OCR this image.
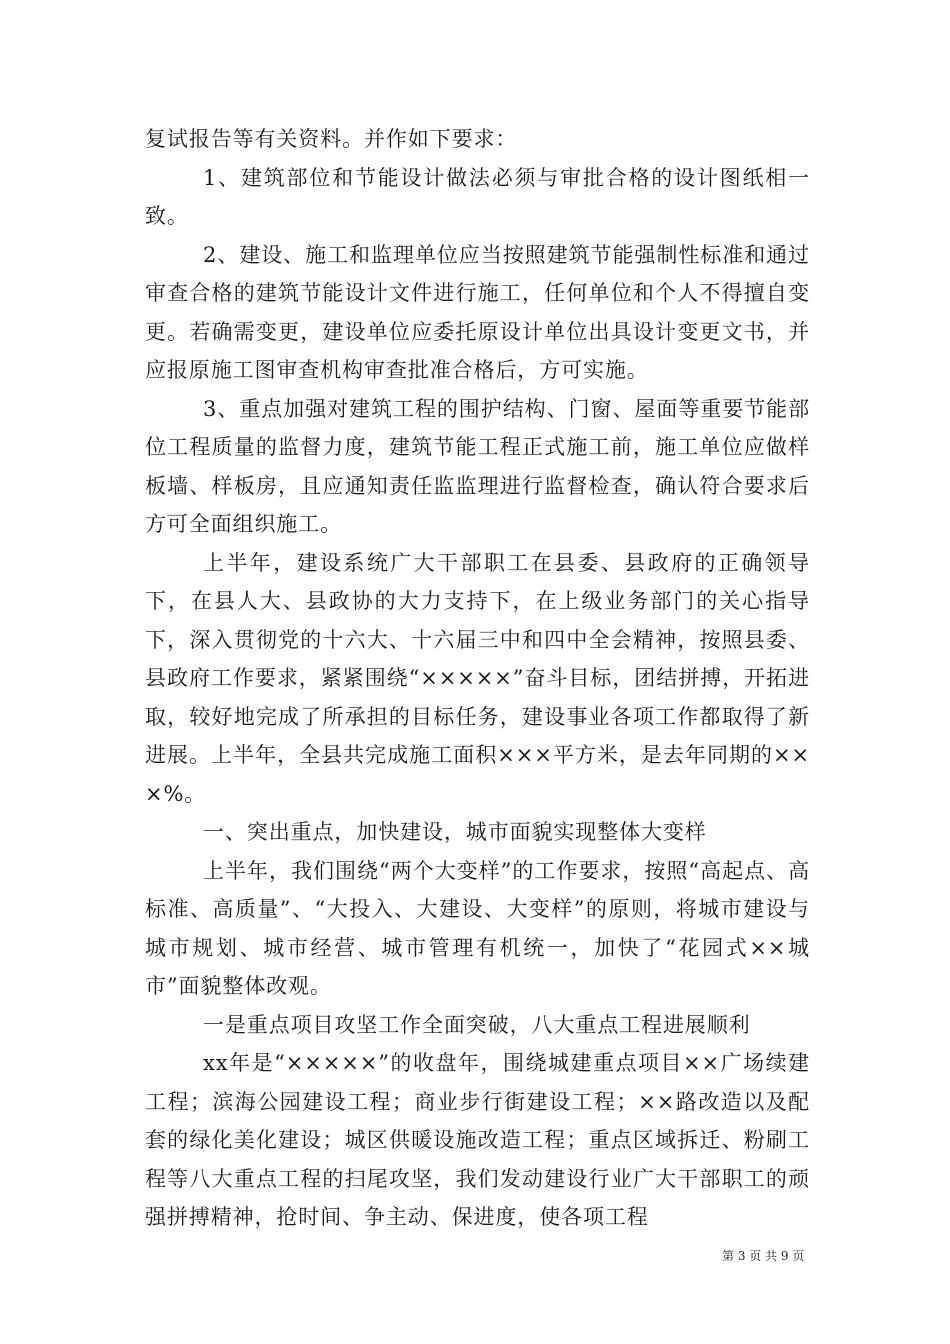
复试报告等有关资料。并作如下要求：

1、建筑部位和节能设计做法必须与审批合格的设计图纸相一致。

2、建设、施工和监理单位应当按照建筑节能强制性标准和通过审查合格的建筑节能设计文件进行施工，任何单位和个人不得擅自变更。若确需变更，建设单位应委托原设计单位出具设计变更文书，并应报原施工图审查机构审查批准合格后，方可实施。

3、重点加强对建筑工程的围护结构、门窗、屋面等重要节能部位工程质量的监督力度，建筑节能工程正式施工前，施工单位应做样板墙、样板房，且应通知责任监监理进行监督检查，确认符合要求后方可全面组织施工。

上半年，建设系统广大干部职工在县委、县政府的正确领导下，在县人大、县政协的大力支持下，在上级业务部门的关心指导下，深入贯彻党的十六大、十六届三中和四中全会精神，按照县委、县政府工作要求，紧紧围绕“×××××”奋斗目标，团结拼搏，开拓进取，较好地完成了所承担的目标任务，建设事业各项工作都取得了新进展。上半年，全县共完成施工面积×××平方米，是去年同期的×××%。

一、突出重点，加快建设，城市面貌实现整体大变样

上半年，我们围绕“两个大变样”的工作要求，按照“高起点、高标准、高质量”、“大投入、大建设、大变样”的原则，将城市建设与城市规划、城市经营、城市管理有机统一，加快了“花园式××城市”面貌整体改观。

一是重点项目攻坚工作全面突破，八大重点工程进展顺利

xx年是“×××××”的收盘年，围绕城建重点项目××广场续建工程；滨海公园建设工程；商业步行街建设工程；××路改造以及配套的绿化美化建设；城区供暖设施改造工程；重点区域拆迁、粉刷工程等八大重点工程的扫尾攻坚，我们发动建设行业广大干部职工的顽强拼搏精神，抢时间、争主动、保进度，使各项工程

第 3 页 共 9 页
